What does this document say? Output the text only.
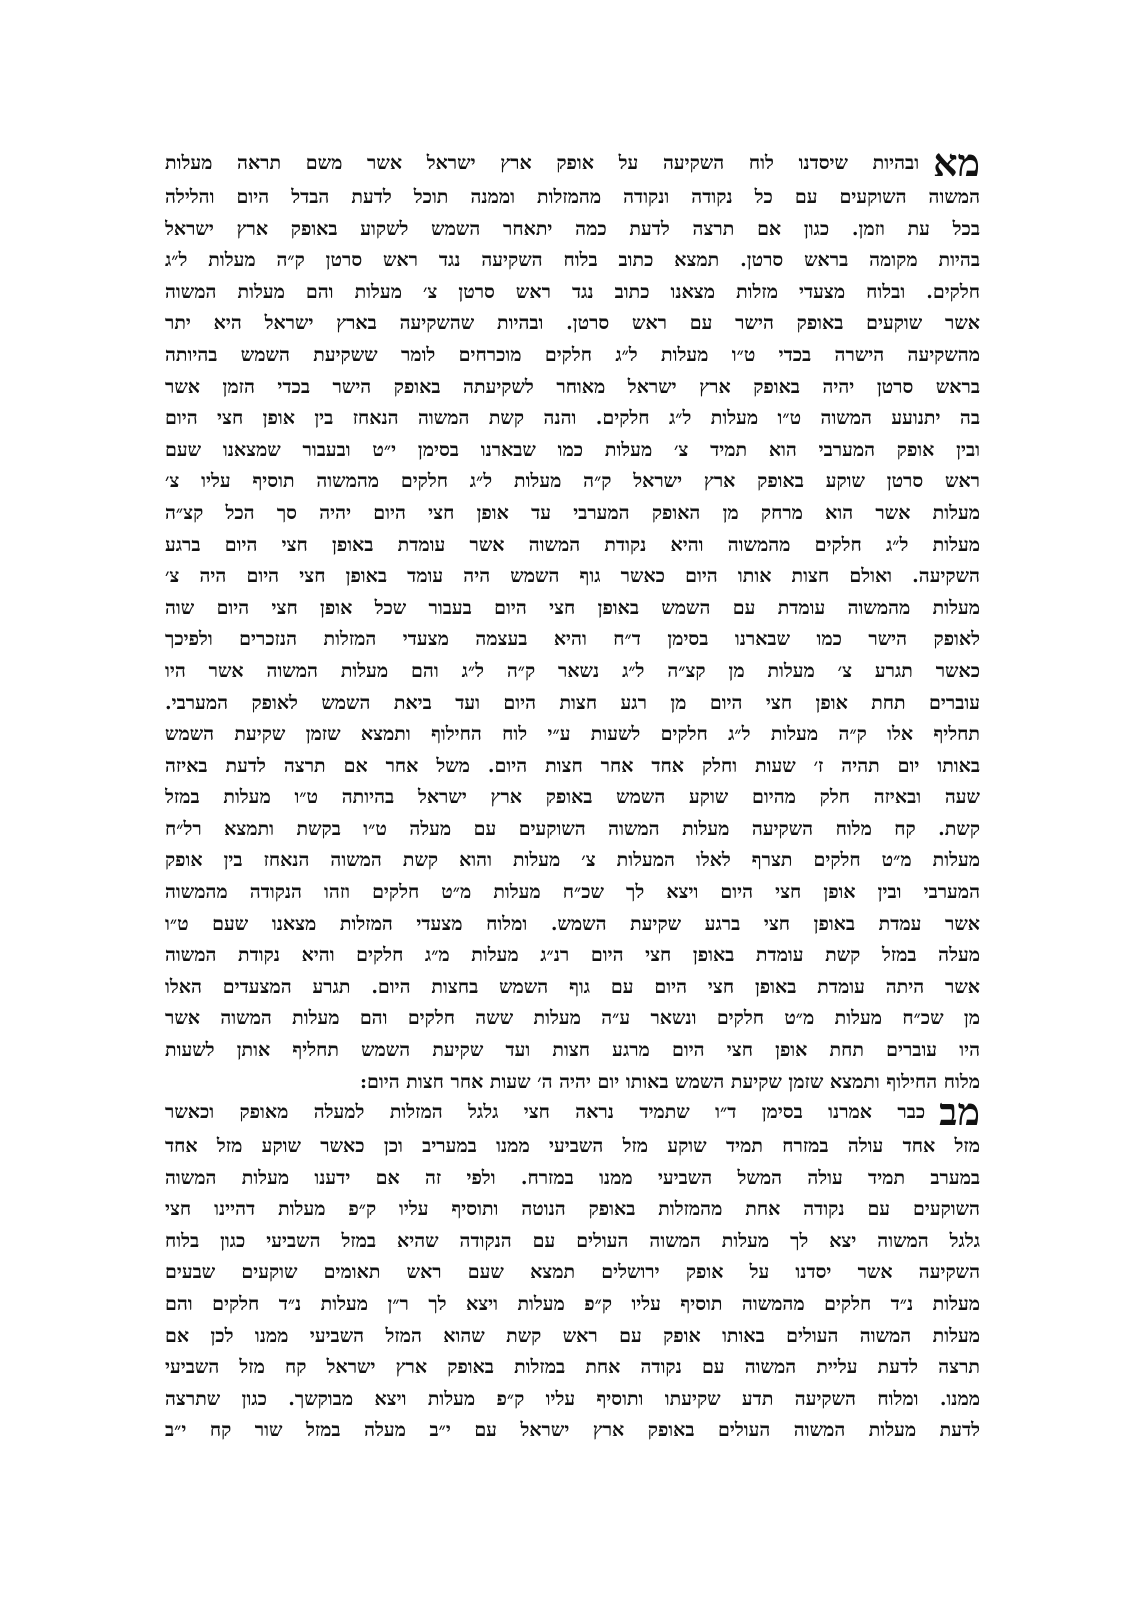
מא
ובהיות שיסדנו לוח השקיעה על אופק ארץ ישראל אשר משם תראה מעלות
המשוה השוקעים עם כל נקודה ונקודה מהמזלות וממנה תוכל לדעת הבדל היום והלילה
בכל עת וזמן. כגון אם תרצה לדעת כמה יתאחר השמש לשקוע באופק ארץ ישראל
בהיות מקומה בראש סרטן. תמצא כתוב בלוח השקיעה נגד ראש סרטן ק״ה מעלות ל״ג
חלקים. ובלוח מצעדי מזלות מצאנו כתוב נגד ראש סרטן צ׳ מעלות והם מעלות המשוה
אשר שוקעים באופק הישר עם ראש סרטן. ובהיות שהשקיעה בארץ ישראל היא יתר
מהשקיעה הישרה בכדי ט״ו מעלות ל״ג חלקים מוכרחים לומר ששקיעת השמש בהיותה
בראש סרטן יהיה באופק ארץ ישראל מאוחר לשקיעתה באופק הישר בכדי הזמן אשר
בה יתנועע המשוה ט״ו מעלות ל״ג חלקים. והנה קשת המשוה הנאחז בין אופן חצי היום
ובין אופק המערבי הוא תמיד צ׳ מעלות כמו שבארנו בסימן י״ט ובעבור שמצאנו שעם
ראש סרטן שוקע באופק ארץ ישראל ק״ה מעלות ל״ג חלקים מהמשוה תוסיף עליו צ׳
מעלות אשר הוא מרחק מן האופק המערבי עד אופן חצי היום יהיה סך הכל קצ״ה
מעלות ל״ג חלקים מהמשוה והיא נקודת המשוה אשר עומדת באופן חצי היום ברגע
השקיעה. ואולם חצות אותו היום כאשר גוף השמש היה עומד באופן חצי היום היה צ׳
מעלות מהמשוה עומדת עם השמש באופן חצי היום בעבור שכל אופן חצי היום שוה
לאופק הישר כמו שבארנו בסימן ד״ח והיא בעצמה מצעדי המזלות הנזכרים ולפיכך
כאשר תגרע צ׳ מעלות מן קצ״ה ל״ג נשאר ק״ה ל״ג והם מעלות המשוה אשר היו
עוברים תחת אופן חצי היום מן רגע חצות היום ועד ביאת השמש לאופק המערבי.
תחליף אלו ק״ה מעלות ל״ג חלקים לשעות ע״י לוח החילוף ותמצא שזמן שקיעת השמש
באותו יום תהיה ז׳ שעות וחלק אחד אחר חצות היום. משל אחר אם תרצה לדעת באיזה
שעה ובאיזה חלק מהיום שוקע השמש באופק ארץ ישראל בהיותה ט״ו מעלות במזל
קשת. קח מלוח השקיעה מעלות המשוה השוקעים עם מעלה ט״ו בקשת ותמצא רל״ח
מעלות מ״ט חלקים תצרף לאלו המעלות צ׳ מעלות והוא קשת המשוה הנאחז בין אופק
המערבי ובין אופן חצי היום ויצא לך שכ״ח מעלות מ״ט חלקים וזהו הנקודה מהמשוה
אשר עמדת באופן חצי ברגע שקיעת השמש. ומלוח מצעדי המזלות מצאנו שעם ט״ו
מעלה במזל קשת עומדת באופן חצי היום רנ״ג מעלות מ״ג חלקים והיא נקודת המשוה
אשר היתה עומדת באופן חצי היום עם גוף השמש בחצות היום. תגרע המצעדים האלו
מן שכ״ח מעלות מ״ט חלקים ונשאר ע״ה מעלות ששה חלקים והם מעלות המשוה אשר
היו עוברים תחת אופן חצי היום מרגע חצות ועד שקיעת השמש תחליף אותן לשעות
מלוח החילוף ותמצא שזמן שקיעת השמש באותו יום יהיה ה׳ שעות אחר חצות היום:
מב
כבר אמרנו בסימן ד״ו שתמיד נראה חצי גלגל המזלות למעלה מאופק וכאשר
מזל אחד עולה במזרח תמיד שוקע מזל השביעי ממנו במעריב וכן כאשר שוקע מזל אחד
במערב תמיד עולה המשל השביעי ממנו במזרח. ולפי זה אם ידענו מעלות המשוה
השוקעים עם נקודה אחת מהמזלות באופק הנוטה ותוסיף עליו ק״פ מעלות דהיינו חצי
גלגל המשוה יצא לך מעלות המשוה העולים עם הנקודה שהיא במזל השביעי כגון בלוח
השקיעה אשר יסדנו על אופק ירושלים תמצא שעם ראש תאומים שוקעים שבעים
מעלות נ״ד חלקים מהמשוה תוסיף עליו ק״פ מעלות ויצא לך ר״ן מעלות נ״ד חלקים והם
מעלות המשוה העולים באותו אופק עם ראש קשת שהוא המזל השביעי ממנו לכן אם
תרצה לדעת עליית המשוה עם נקודה אחת במזלות באופק ארץ ישראל קח מזל השביעי
ממנו. ומלוח השקיעה תדע שקיעתו ותוסיף עליו ק״פ מעלות ויצא מבוקשך. כגון שתרצה
לדעת מעלות המשוה העולים באופק ארץ ישראל עם י״ב מעלה במזל שור קח י״ב
